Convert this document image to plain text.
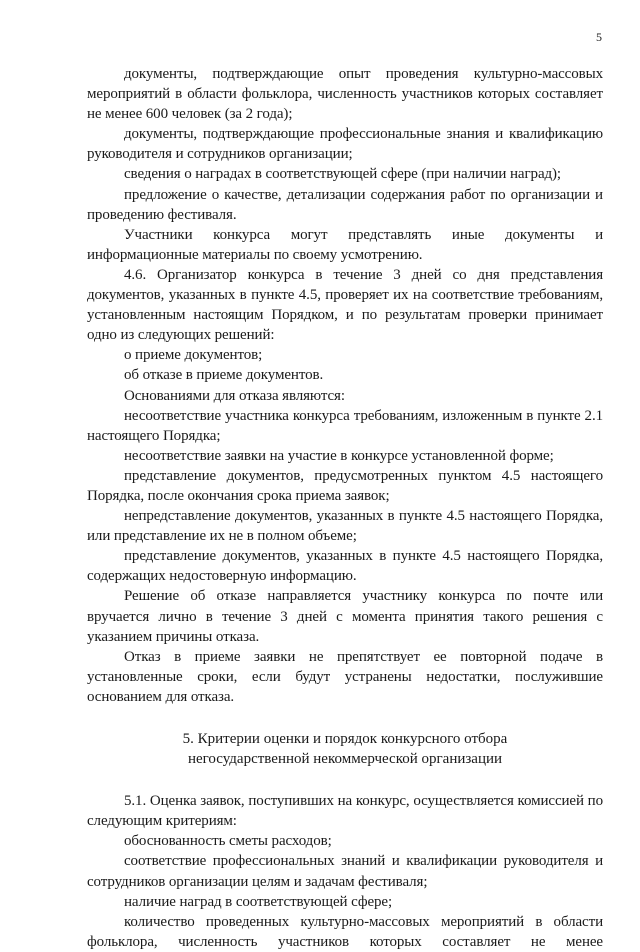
5

документы, подтверждающие опыт проведения культурно-массовых мероприятий в области фольклора, численность участников которых составляет не менее 600 человек (за 2 года);

документы, подтверждающие профессиональные знания и квалификацию руководителя и сотрудников организации;

сведения о наградах в соответствующей сфере (при наличии наград);

предложение о качестве, детализации содержания работ по организации и проведению фестиваля.

Участники конкурса могут представлять иные документы и информационные материалы по своему усмотрению.

4.6. Организатор конкурса в течение 3 дней со дня представления документов, указанных в пункте 4.5, проверяет их на соответствие требованиям, установленным настоящим Порядком, и по результатам проверки принимает одно из следующих решений:

о приеме документов;

об отказе в приеме документов.

Основаниями для отказа являются:

несоответствие участника конкурса требованиям, изложенным в пункте 2.1 настоящего Порядка;

несоответствие заявки на участие в конкурсе установленной форме;

представление документов, предусмотренных пунктом 4.5 настоящего Порядка, после окончания срока приема заявок;

непредставление документов, указанных в пункте 4.5 настоящего Порядка, или представление их не в полном объеме;

представление документов, указанных в пункте 4.5 настоящего Порядка, содержащих недостоверную информацию.

Решение об отказе направляется участнику конкурса по почте или вручается лично в течение 3 дней с момента принятия такого решения с указанием причины отказа.

Отказ в приеме заявки не препятствует ее повторной подаче в установленные сроки, если будут устранены недостатки, послужившие основанием для отказа.

5. Критерии оценки и порядок конкурсного отбора

негосударственной некоммерческой организации

5.1. Оценка заявок, поступивших на конкурс, осуществляется комиссией по следующим критериям:

обоснованность сметы расходов;

соответствие профессиональных знаний и квалификации руководителя и сотрудников организации целям и задачам фестиваля;

наличие наград в соответствующей сфере;

количество проведенных культурно-массовых мероприятий в области фольклора, численность участников которых составляет не менее
